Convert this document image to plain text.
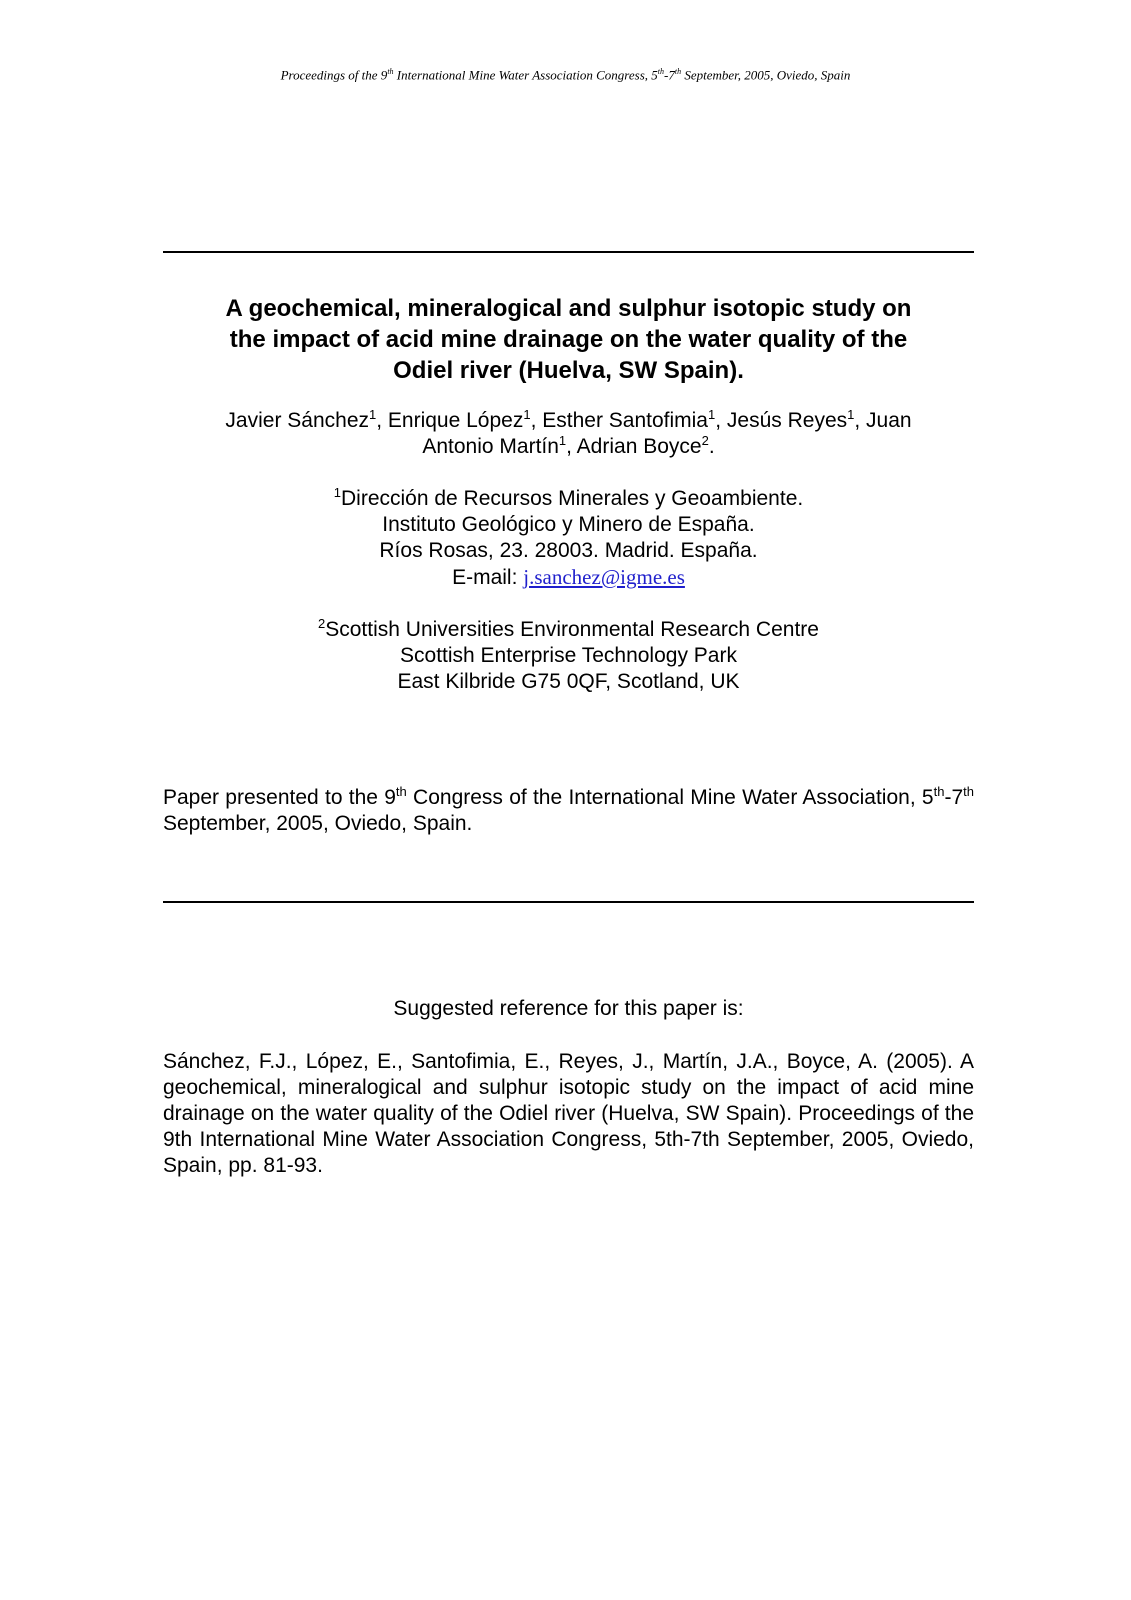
Proceedings of the 9th International Mine Water Association Congress, 5th-7th September, 2005, Oviedo, Spain
A geochemical, mineralogical and sulphur isotopic study on
the impact of acid mine drainage on the water quality of the
Odiel river (Huelva, SW Spain).
Javier Sánchez$^1$, Enrique López$^1$, Esther Santofimia$^1$, Jesús Reyes$^1$, Juan
Antonio Martín$^1$, Adrian Boyce$^2$.
$^1$Dirección de Recursos Minerales y Geoambiente.
Instituto Geológico y Minero de España.
Ríos Rosas, 23. 28003. Madrid. España.
E-mail: j.sanchez@igme.es
$^2$Scottish Universities Environmental Research Centre
Scottish Enterprise Technology Park
East Kilbride G75 0QF, Scotland, UK

Paper presented to the 9th Congress of the International Mine Water Association, 5th-7th September, 2005, Oviedo, Spain.

Suggested reference for this paper is:

Sánchez, F.J., López, E., Santofimia, E., Reyes, J., Martín, J.A., Boyce, A. (2005). A geochemical, mineralogical and sulphur isotopic study on the impact of acid mine drainage on the water quality of the Odiel river (Huelva, SW Spain). Proceedings of the 9th International Mine Water Association Congress, 5th-7th September, 2005, Oviedo, Spain, pp. 81-93.
